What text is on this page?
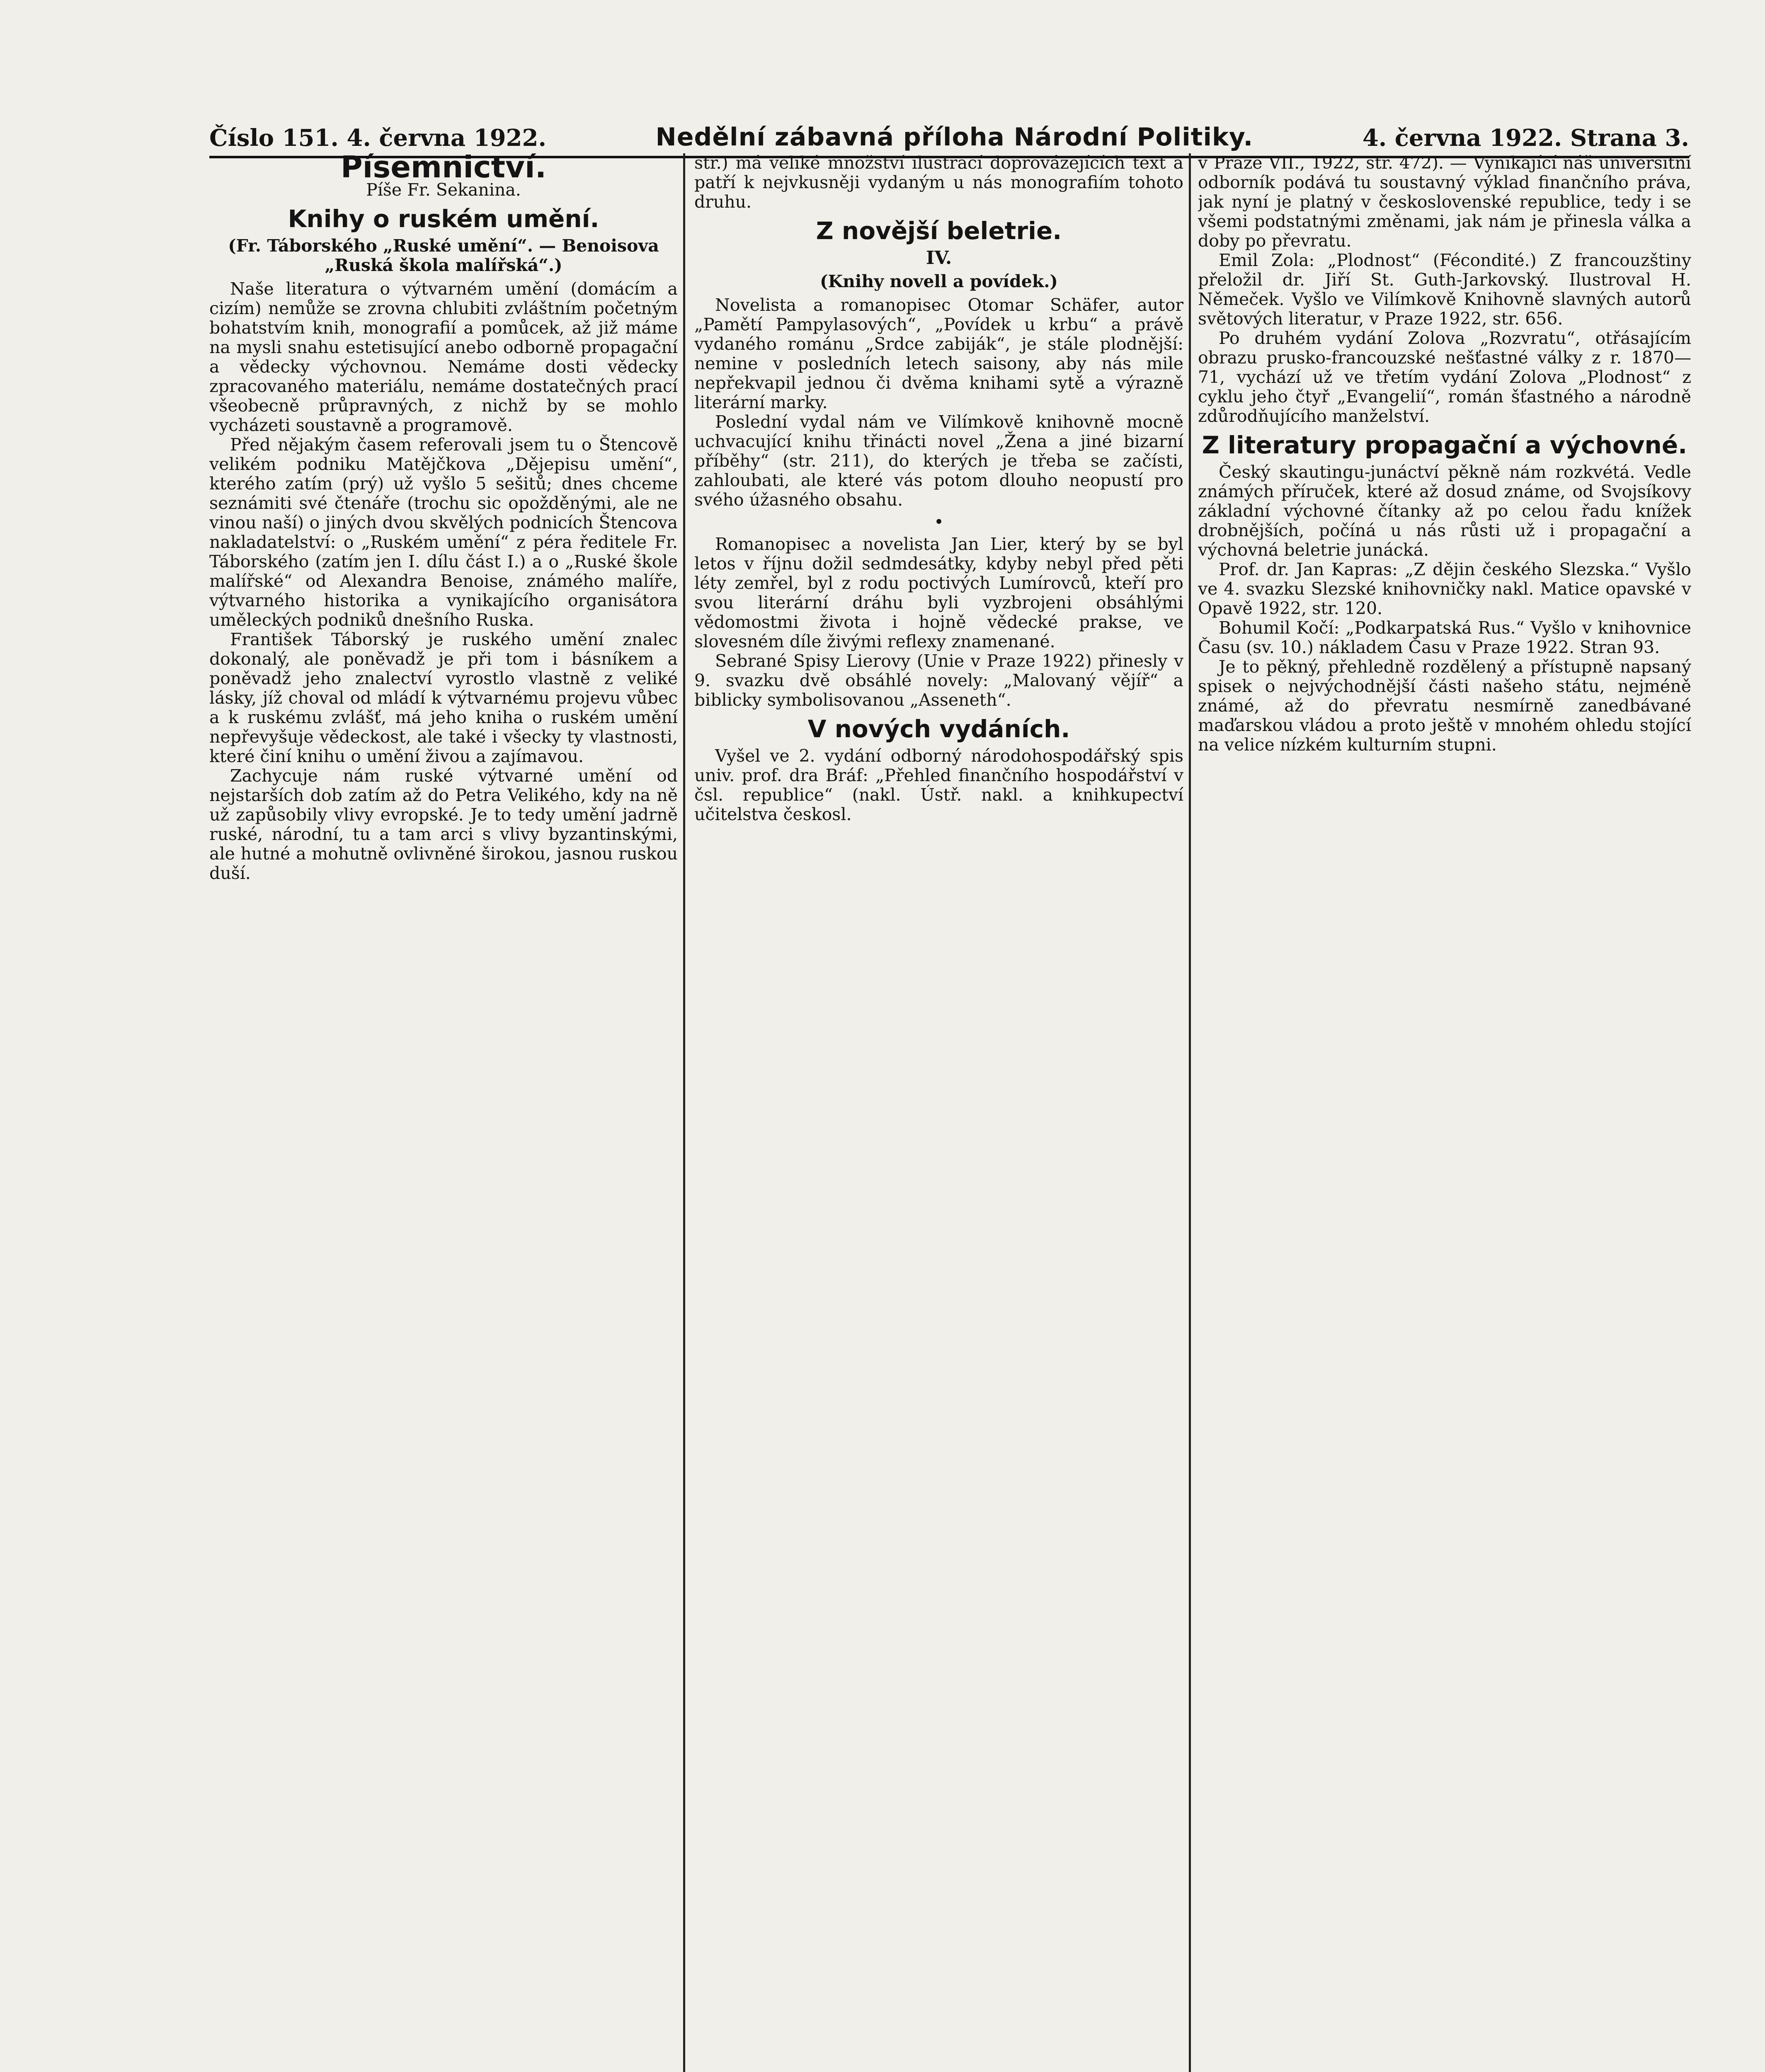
Číslo 151. 4. června 1922.	Nedělní zábavná příloha Národní Politiky.	4. června 1922. Strana 3.
Písemnictví.
Píše Fr. Sekanina.
Knihy o ruském umění.
(Fr. Táborského „Ruské umění“. — Benoisova „Ruská škola malířská“.)

Naše literatura o výtvarném umění (domácím a cizím) nemůže se zrovna chlubiti zvláštním početným bohatstvím knih, monografií a pomůcek, až již máme na mysli snahu estetisující anebo odborně propagační a vědecky výchovnou. Nemáme dosti vědecky zpracovaného materiálu, nemáme dostatečných prací všeobecně průpravných, z nichž by se mohlo vycházeti soustavně a programově.

Před nějakým časem referovali jsem tu o Štencově velikém podniku Matějčkova „Dějepisu umění“, kterého zatím (prý) už vyšlo 5 sešitů; dnes chceme seznámiti své čtenáře (trochu sic opožděnými, ale ne vinou naší) o jiných dvou skvělých podnicích Štencova nakladatelství: o „Ruském umění“ z péra ředitele Fr. Táborského (zatím jen I. dílu část I.) a o „Ruské škole malířské“ od Alexandra Benoise, známého malíře, výtvarného historika a vynikajícího organisátora uměleckých podniků dnešního Ruska.

František Táborský je ruského umění znalec dokonalý, ale poněvadž je při tom i básníkem a poněvadž jeho znalectví vyrostlo vlastně z veliké lásky, jíž choval od mládí k výtvarnému projevu vůbec a k ruskému zvlášť, má jeho kniha o ruském umění nepřevyšuje vědeckost, ale také i všecky ty vlastnosti, které činí knihu o umění živou a zajímavou.

Zachycuje nám ruské výtvarné umění od nejstarších dob zatím až do Petra Velikého, kdy na ně už zapůsobily vlivy evropské. Je to tedy umění jadrně ruské, národní, tu a tam arci s vlivy byzantinskými, ale hutné a mohutně ovlivněné širokou, jasnou ruskou duší.

str.) má veliké množství ilustrací doprovázejících text a patří k nejvkusněji vydaným u nás monografiím tohoto druhu.

Z novější beletrie.
IV.
(Knihy novell a povídek.)

Novelista a romanopisec Otomar Schäfer, autor „Pamětí Pampylasových“, „Povídek u krbu“ a právě vydaného románu „Srdce zabiják“, je stále plodnější: nemine v posledních letech saisony, aby nás mile nepřekvapil jednou či dvěma knihami sytě a výrazně literární marky.

Poslední vydal nám ve Vilímkově knihovně mocně uchvacující knihu třinácti novel „Žena a jiné bizarní příběhy“ (str. 211), do kterých je třeba se začísti, zahloubati, ale které vás potom dlouho neopustí pro svého úžasného obsahu.

•

Romanopisec a novelista Jan Lier, který by se byl letos v říjnu dožil sedmdesátky, kdyby nebyl před pěti léty zemřel, byl z rodu poctivých Lumírovců, kteří pro svou literární dráhu byli vyzbrojeni obsáhlými vědomostmi života i hojně vědecké prakse, ve slovesném díle živými reflexy znamenané.

Sebrané Spisy Lierovy (Unie v Praze 1922) přinesly v 9. svazku dvě obsáhlé novely: „Malovaný vějíř“ a biblicky symbolisovanou „Asseneth“.

V nových vydáních.

Vyšel ve 2. vydání odborný národohospodářský spis univ. prof. dra Bráf: „Přehled finančního hospodářství v čsl. republice“ (nakl. Ústř. nakl. a knihkupectví učitelstva českosl.

v Praze VII., 1922, str. 472). — Vynikající náš universitní odborník podává tu soustavný výklad finančního práva, jak nyní je platný v československé republice, tedy i se všemi podstatnými změnami, jak nám je přinesla válka a doby po převratu.

Emil Zola: „Plodnost“ (Fécondité.) Z francouzštiny přeložil dr. Jiří St. Guth-Jarkovský. Ilustroval H. Němeček. Vyšlo ve Vilímkově Knihovně slavných autorů světových literatur, v Praze 1922, str. 656.

Po druhém vydání Zolova „Rozvratu“, otřásajícím obrazu prusko-francouzské nešťastné války z r. 1870—71, vychází už ve třetím vydání Zolova „Plodnost“ z cyklu jeho čtyř „Evangelií“, román šťastného a národně zdůrodňujícího manželství.

Z literatury propagační a výchovné.

Český skautingu-junáctví pěkně nám rozkvétá. Vedle známých příruček, které až dosud známe, od Svojsíkovy základní výchovné čítanky až po celou řadu knížek drobnějších, počíná u nás růsti už i propagační a výchovná beletrie junácká.

Prof. dr. Jan Kapras: „Z dějin českého Slezska.“ Vyšlo ve 4. svazku Slezské knihovničky nakl. Matice opavské v Opavě 1922, str. 120.

Bohumil Kočí: „Podkarpatská Rus.“ Vyšlo v knihovnice Času (sv. 10.) nákladem Času v Praze 1922. Stran 93.

Je to pěkný, přehledně rozdělený a přístupně napsaný spisek o nejvýchodnější části našeho státu, nejméně známé, až do převratu nesmírně zanedbávané maďarskou vládou a proto ještě v mnohém ohledu stojící na velice nízkém kulturním stupni.
